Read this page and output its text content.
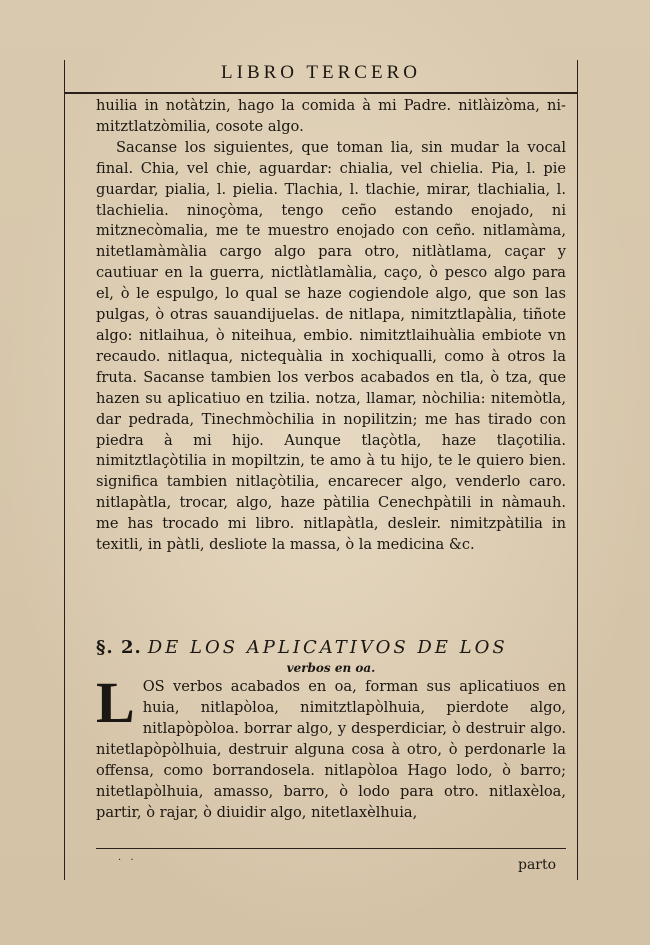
LIBRO TERCERO

huilia in notàtzin, hago la comida à mi Padre. nitlàizòma, ni-mitztlatzòmilia, cosote algo.

Sacanse los siguientes, que toman lia, sin mudar la vocal final. Chia, vel chie, aguardar: chialia, vel chielia. Pia, l. pie guardar, pialia, l. pielia. Tlachia, l. tlachie, mirar, tlachialia, l. tlachielia. ninoçòma, tengo ceño estando enojado, ni mitznecòmalia, me te muestro enojado con ceño. nitlamàma, nitetlamàmàlia cargo algo para otro, nitlàtlama, caçar y cautiuar en la guerra, nictlàtlamàlia, caço, ò pesco algo para el, ò le espulgo, lo qual se haze cogiendole algo, que son las pulgas, ò otras sauandijuelas. de nitlapa, nimitztlapàlia, tiñote algo: nitlaihua, ò niteihua, embio. nimitztlaihuàlia embiote vn recaudo. nitlaqua, nictequàlia in xochiqualli, como à otros la fruta. Sacanse tambien los verbos acabados en tla, ò tza, que hazen su aplicatiuo en tzilia. notza, llamar, nòchilia: nitemòtla, dar pedrada, Tinechmòchilia in nopilitzin; me has tirado con piedra à mi hijo. Aunque tlaçòtla, haze tlaçotilia. nimitztlaçòtilia in mopiltzin, te amo à tu hijo, te le quiero bien. significa tambien nitlaçòtilia, encarecer algo, venderlo caro. nitlapàtla, trocar, algo, haze pàtilia Cenechpàtili in nàmauh. me has trocado mi libro. nitlapàtla, desleir. nimitzpàtilia in texitli, in pàtli, desliote la massa, ò la medicina &c.

§. 2. DE LOS APLICATIVOS DE LOS
verbos en oa.

LOS verbos acabados en oa, forman sus aplicatiuos en huia, nitlapòloa, nimitztlapòlhuia, pierdote algo, nitlapòpòloa. borrar algo, y desperdiciar, ò destruir algo. nitetlapòpòlhuia, destruir alguna cosa à otro, ò perdonarle la offensa, como borrandosela. nitlapòloa Hago lodo, ò barro; nitetlapòlhuia, amasso, barro, ò lodo para otro. nitlaxèloa, partir, ò rajar, ò diuidir algo, nitetlaxèlhuia,

. .	parto
